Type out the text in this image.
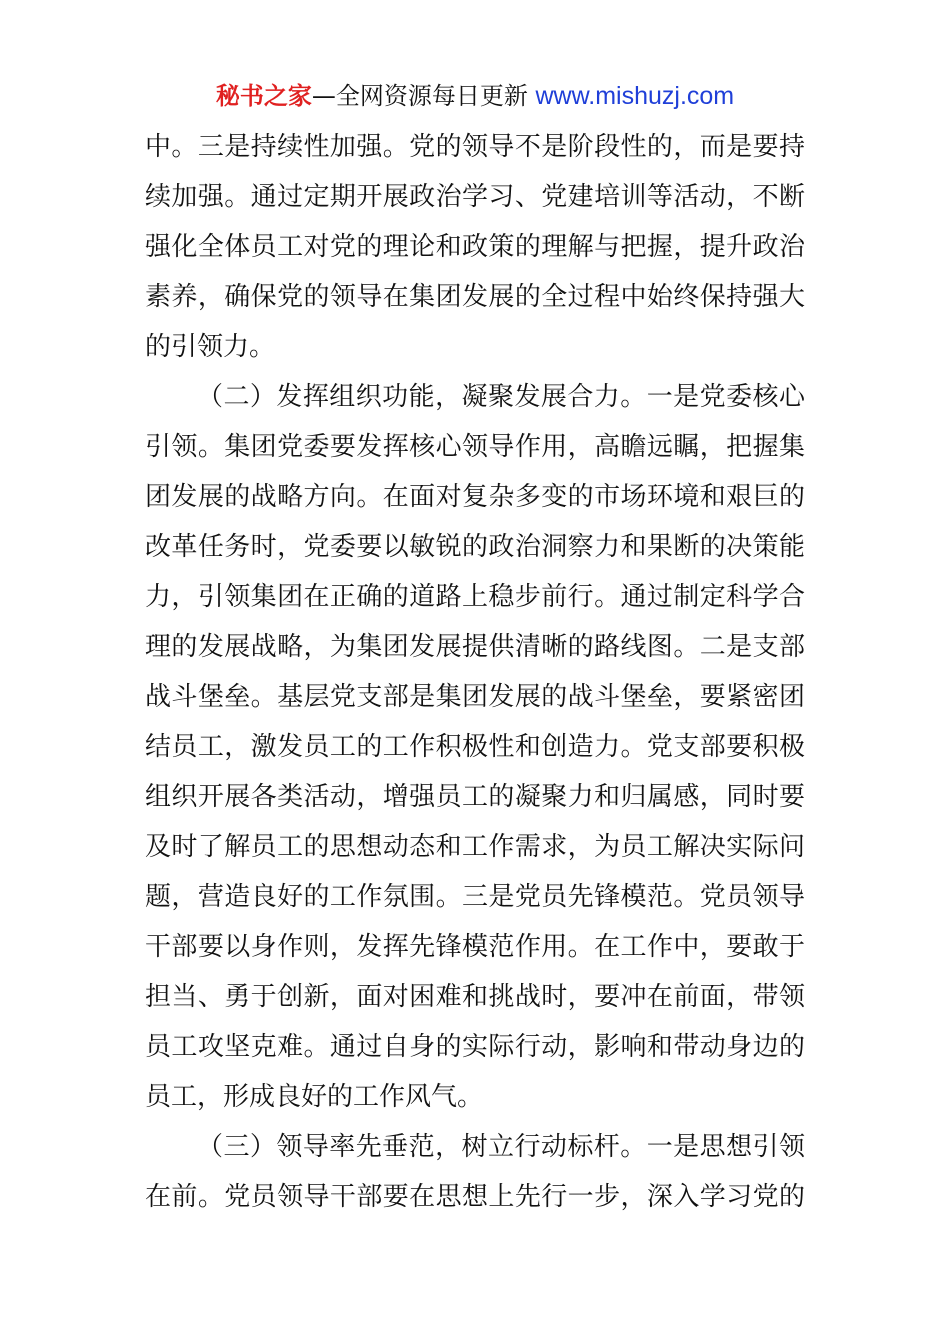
秘书之家—全网资源每日更新 www.mishuzj.com
中。三是持续性加强。党的领导不是阶段性的，而是要持
续加强。通过定期开展政治学习、党建培训等活动，不断
强化全体员工对党的理论和政策的理解与把握，提升政治
素养，确保党的领导在集团发展的全过程中始终保持强大
的引领力。
（二）发挥组织功能，凝聚发展合力。一是党委核心
引领。集团党委要发挥核心领导作用，高瞻远瞩，把握集
团发展的战略方向。在面对复杂多变的市场环境和艰巨的
改革任务时，党委要以敏锐的政治洞察力和果断的决策能
力，引领集团在正确的道路上稳步前行。通过制定科学合
理的发展战略，为集团发展提供清晰的路线图。二是支部
战斗堡垒。基层党支部是集团发展的战斗堡垒，要紧密团
结员工，激发员工的工作积极性和创造力。党支部要积极
组织开展各类活动，增强员工的凝聚力和归属感，同时要
及时了解员工的思想动态和工作需求，为员工解决实际问
题，营造良好的工作氛围。三是党员先锋模范。党员领导
干部要以身作则，发挥先锋模范作用。在工作中，要敢于
担当、勇于创新，面对困难和挑战时，要冲在前面，带领
员工攻坚克难。通过自身的实际行动，影响和带动身边的
员工，形成良好的工作风气。
（三）领导率先垂范，树立行动标杆。一是思想引领
在前。党员领导干部要在思想上先行一步，深入学习党的
